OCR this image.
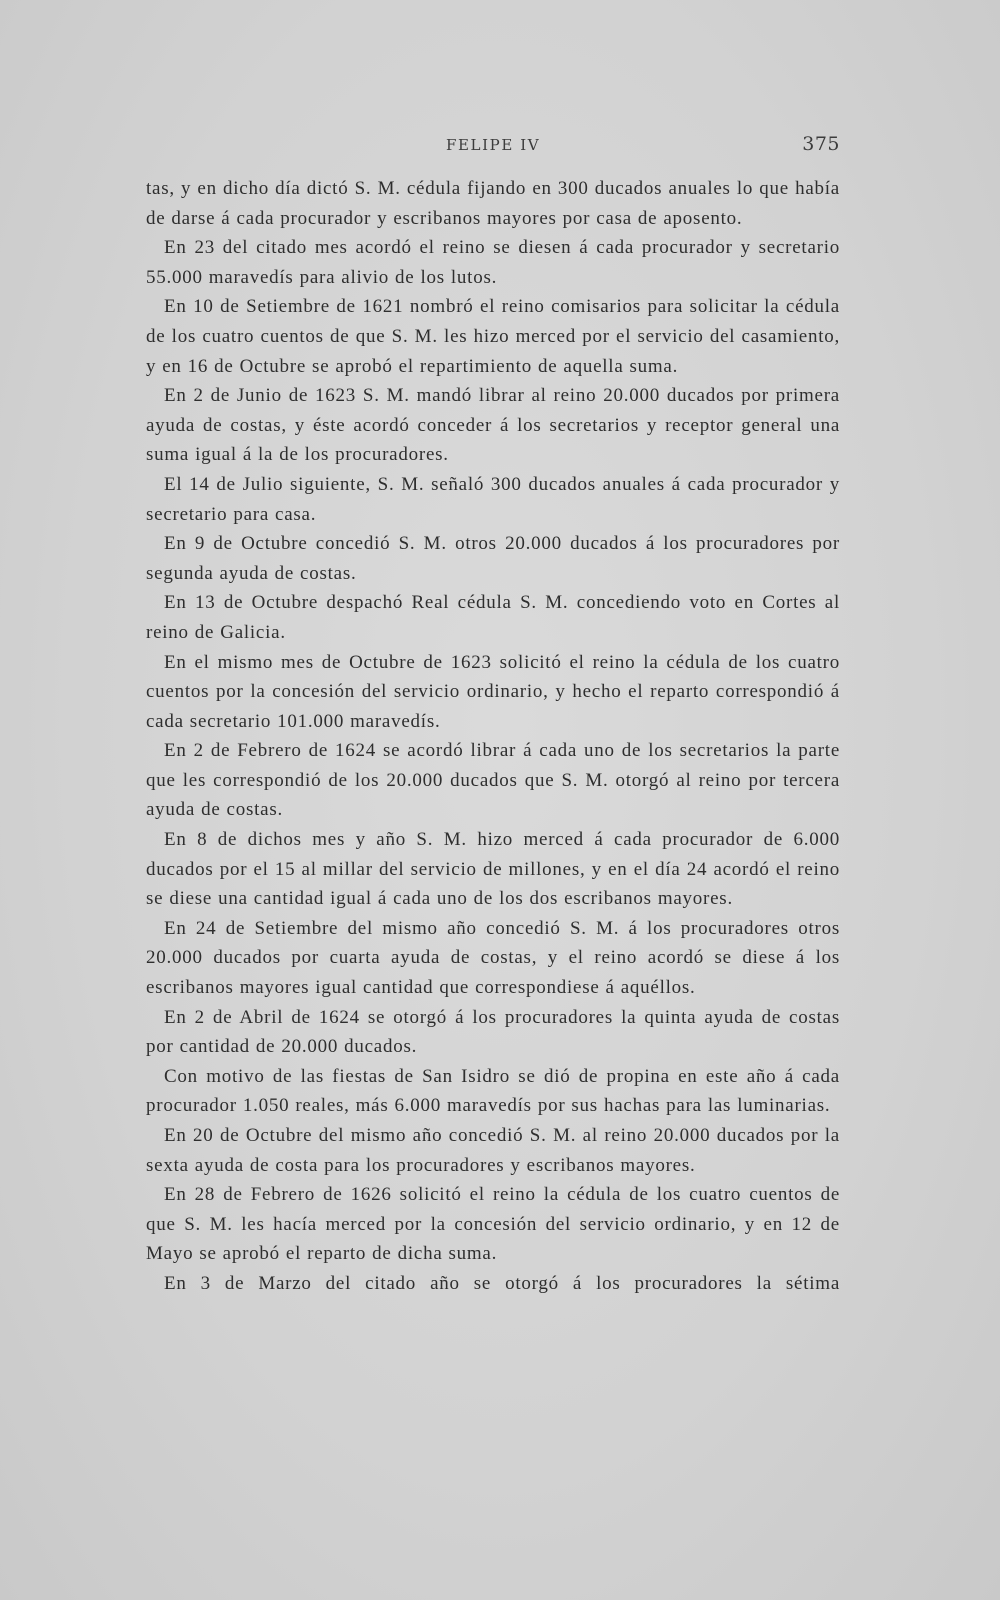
FELIPE IV	375

tas, y en dicho día dictó S. M. cédula fijando en 300 ducados anuales lo que había de darse á cada procurador y escribanos mayores por casa de aposento.

En 23 del citado mes acordó el reino se diesen á cada procurador y secretario 55.000 maravedís para alivio de los lutos.

En 10 de Setiembre de 1621 nombró el reino comisarios para solicitar la cédula de los cuatro cuentos de que S. M. les hizo merced por el servicio del casamiento, y en 16 de Octubre se aprobó el repartimiento de aquella suma.

En 2 de Junio de 1623 S. M. mandó librar al reino 20.000 ducados por primera ayuda de costas, y éste acordó conceder á los secretarios y receptor general una suma igual á la de los procuradores.

El 14 de Julio siguiente, S. M. señaló 300 ducados anuales á cada procurador y secretario para casa.

En 9 de Octubre concedió S. M. otros 20.000 ducados á los procuradores por segunda ayuda de costas.

En 13 de Octubre despachó Real cédula S. M. concediendo voto en Cortes al reino de Galicia.

En el mismo mes de Octubre de 1623 solicitó el reino la cédula de los cuatro cuentos por la concesión del servicio ordinario, y hecho el reparto correspondió á cada secretario 101.000 maravedís.

En 2 de Febrero de 1624 se acordó librar á cada uno de los secretarios la parte que les correspondió de los 20.000 ducados que S. M. otorgó al reino por tercera ayuda de costas.

En 8 de dichos mes y año S. M. hizo merced á cada procurador de 6.000 ducados por el 15 al millar del servicio de millones, y en el día 24 acordó el reino se diese una cantidad igual á cada uno de los dos escribanos mayores.

En 24 de Setiembre del mismo año concedió S. M. á los procuradores otros 20.000 ducados por cuarta ayuda de costas, y el reino acordó se diese á los escribanos mayores igual cantidad que correspondiese á aquéllos.

En 2 de Abril de 1624 se otorgó á los procuradores la quinta ayuda de costas por cantidad de 20.000 ducados.

Con motivo de las fiestas de San Isidro se dió de propina en este año á cada procurador 1.050 reales, más 6.000 maravedís por sus hachas para las luminarias.

En 20 de Octubre del mismo año concedió S. M. al reino 20.000 ducados por la sexta ayuda de costa para los procuradores y escribanos mayores.

En 28 de Febrero de 1626 solicitó el reino la cédula de los cuatro cuentos de que S. M. les hacía merced por la concesión del servicio ordinario, y en 12 de Mayo se aprobó el reparto de dicha suma.

En 3 de Marzo del citado año se otorgó á los procuradores la sétima
